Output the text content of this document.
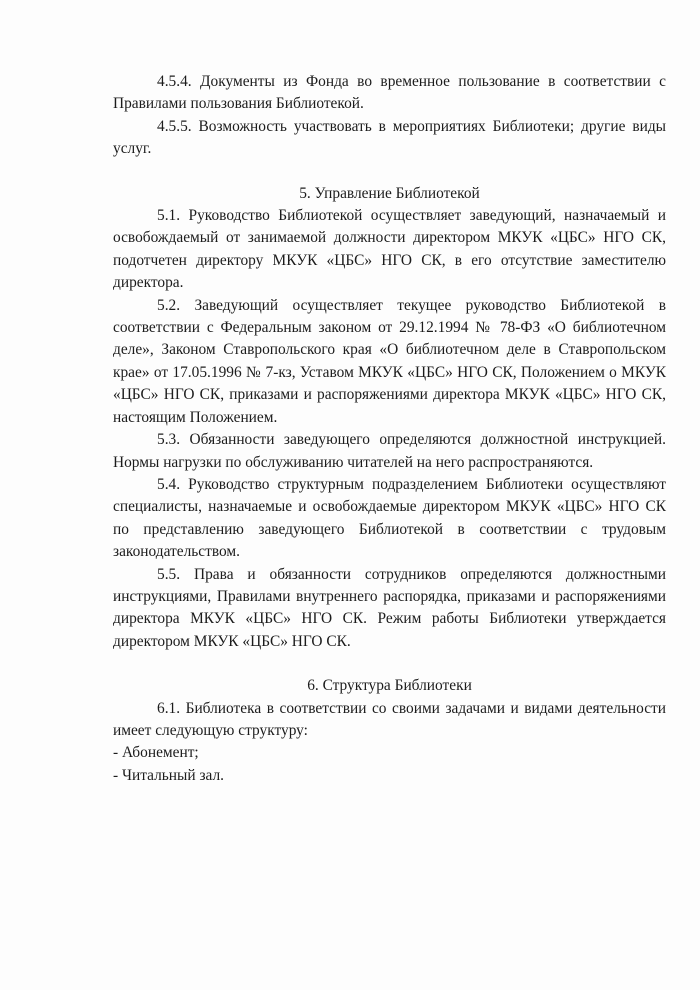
4.5.4. Документы из Фонда во временное пользование в соответствии с Правилами пользования Библиотекой.

4.5.5. Возможность участвовать в мероприятиях Библиотеки; другие виды услуг.

5. Управление Библиотекой

5.1. Руководство Библиотекой осуществляет заведующий, назначаемый и освобождаемый от занимаемой должности директором МКУК «ЦБС» НГО СК, подотчетен директору МКУК «ЦБС» НГО СК, в его отсутствие заместителю директора.

5.2. Заведующий осуществляет текущее руководство Библиотекой в соответствии с Федеральным законом от 29.12.1994 № 78-ФЗ «О библиотечном деле», Законом Ставропольского края «О библиотечном деле в Ставропольском крае» от 17.05.1996 № 7-кз, Уставом МКУК «ЦБС» НГО СК, Положением о МКУК «ЦБС» НГО СК, приказами и распоряжениями директора МКУК «ЦБС» НГО СК, настоящим Положением.

5.3. Обязанности заведующего определяются должностной инструкцией. Нормы нагрузки по обслуживанию читателей на него распространяются.

5.4. Руководство структурным подразделением Библиотеки осуществляют специалисты, назначаемые и освобождаемые директором МКУК «ЦБС» НГО СК по представлению заведующего Библиотекой в соответствии с трудовым законодательством.

5.5. Права и обязанности сотрудников определяются должностными инструкциями, Правилами внутреннего распорядка, приказами и распоряжениями директора МКУК «ЦБС» НГО СК. Режим работы Библиотеки утверждается директором МКУК «ЦБС» НГО СК.

6. Структура Библиотеки

6.1. Библиотека в соответствии со своими задачами и видами деятельности имеет следующую структуру:

- Абонемент;

- Читальный зал.
